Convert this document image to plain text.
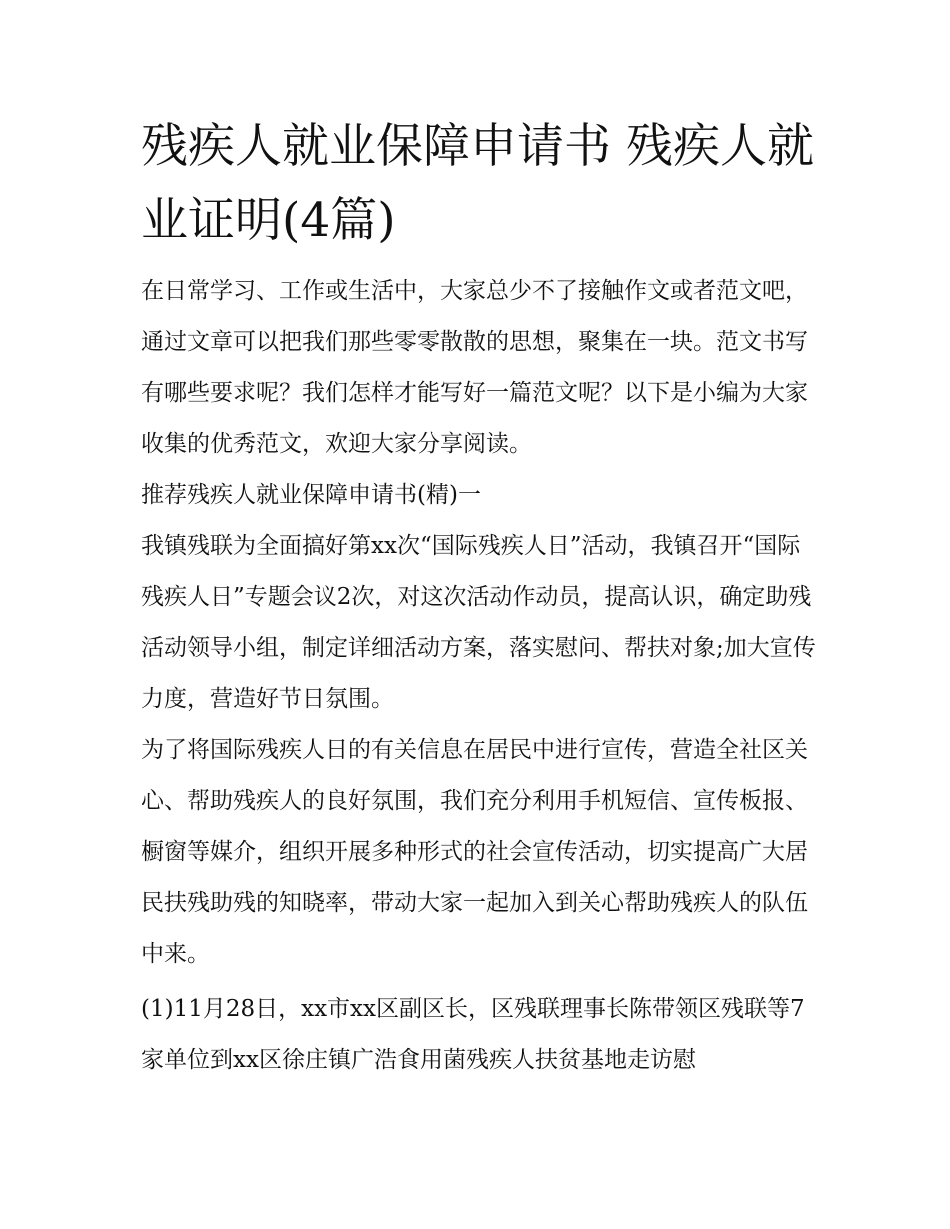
残疾人就业保障申请书 残疾人就业证明(4篇)

在日常学习、工作或生活中，大家总少不了接触作文或者范文吧，通过文章可以把我们那些零零散散的思想，聚集在一块。范文书写有哪些要求呢？我们怎样才能写好一篇范文呢？以下是小编为大家收集的优秀范文，欢迎大家分享阅读。

推荐残疾人就业保障申请书(精)一

我镇残联为全面搞好第xx次“国际残疾人日”活动，我镇召开“国际残疾人日”专题会议2次，对这次活动作动员，提高认识，确定助残活动领导小组，制定详细活动方案，落实慰问、帮扶对象;加大宣传力度，营造好节日氛围。

为了将国际残疾人日的有关信息在居民中进行宣传，营造全社区关心、帮助残疾人的良好氛围，我们充分利用手机短信、宣传板报、橱窗等媒介，组织开展多种形式的社会宣传活动，切实提高广大居民扶残助残的知晓率，带动大家一起加入到关心帮助残疾人的队伍中来。

(1)11月28日，xx市xx区副区长，区残联理事长陈带领区残联等7家单位到xx区徐庄镇广浩食用菌残疾人扶贫基地走访慰
